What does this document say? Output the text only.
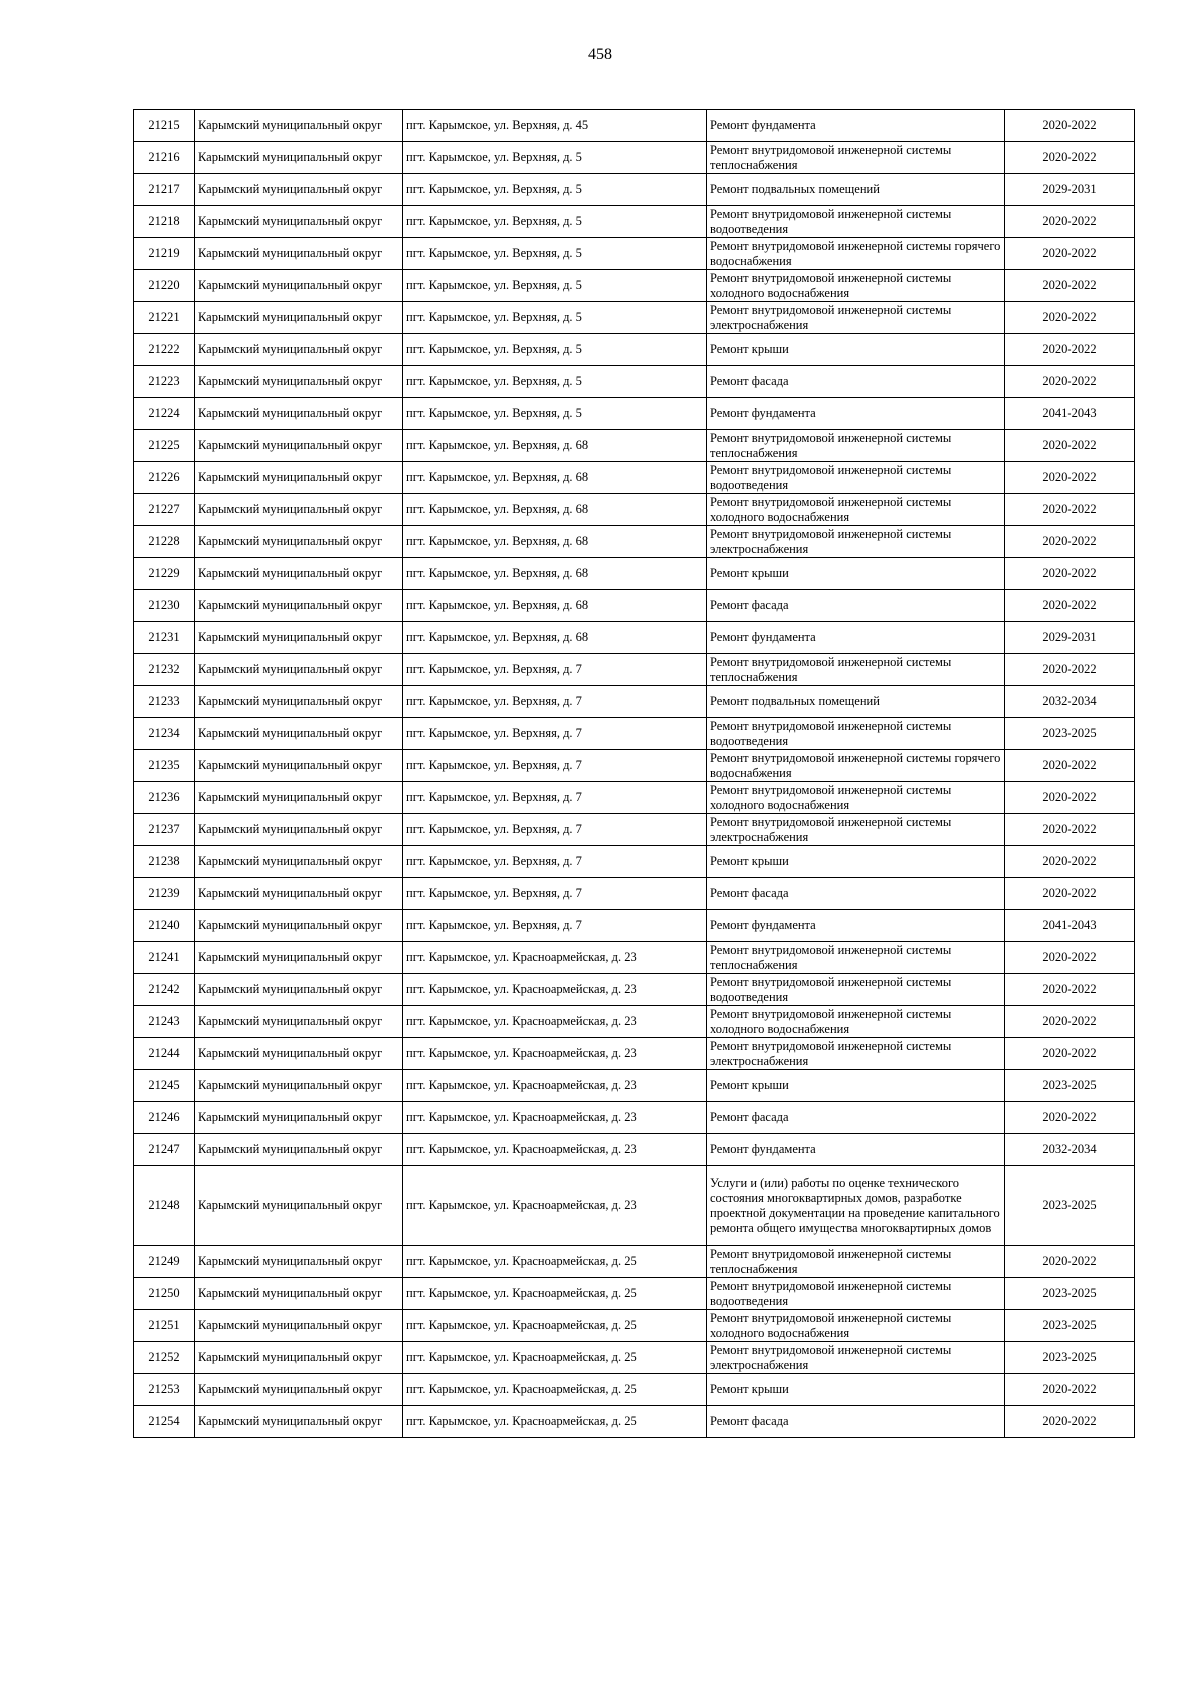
458
21215	Карымский муниципальный округ	пгт. Карымское, ул. Верхняя, д. 45	Ремонт фундамента	2020-2022
21216	Карымский муниципальный округ	пгт. Карымское, ул. Верхняя, д. 5	Ремонт внутридомовой инженерной системы теплоснабжения	2020-2022
21217	Карымский муниципальный округ	пгт. Карымское, ул. Верхняя, д. 5	Ремонт подвальных помещений	2029-2031
21218	Карымский муниципальный округ	пгт. Карымское, ул. Верхняя, д. 5	Ремонт внутридомовой инженерной системы водоотведения	2020-2022
21219	Карымский муниципальный округ	пгт. Карымское, ул. Верхняя, д. 5	Ремонт внутридомовой инженерной системы горячего водоснабжения	2020-2022
21220	Карымский муниципальный округ	пгт. Карымское, ул. Верхняя, д. 5	Ремонт внутридомовой инженерной системы холодного водоснабжения	2020-2022
21221	Карымский муниципальный округ	пгт. Карымское, ул. Верхняя, д. 5	Ремонт внутридомовой инженерной системы электроснабжения	2020-2022
21222	Карымский муниципальный округ	пгт. Карымское, ул. Верхняя, д. 5	Ремонт крыши	2020-2022
21223	Карымский муниципальный округ	пгт. Карымское, ул. Верхняя, д. 5	Ремонт фасада	2020-2022
21224	Карымский муниципальный округ	пгт. Карымское, ул. Верхняя, д. 5	Ремонт фундамента	2041-2043
21225	Карымский муниципальный округ	пгт. Карымское, ул. Верхняя, д. 68	Ремонт внутридомовой инженерной системы теплоснабжения	2020-2022
21226	Карымский муниципальный округ	пгт. Карымское, ул. Верхняя, д. 68	Ремонт внутридомовой инженерной системы водоотведения	2020-2022
21227	Карымский муниципальный округ	пгт. Карымское, ул. Верхняя, д. 68	Ремонт внутридомовой инженерной системы холодного водоснабжения	2020-2022
21228	Карымский муниципальный округ	пгт. Карымское, ул. Верхняя, д. 68	Ремонт внутридомовой инженерной системы электроснабжения	2020-2022
21229	Карымский муниципальный округ	пгт. Карымское, ул. Верхняя, д. 68	Ремонт крыши	2020-2022
21230	Карымский муниципальный округ	пгт. Карымское, ул. Верхняя, д. 68	Ремонт фасада	2020-2022
21231	Карымский муниципальный округ	пгт. Карымское, ул. Верхняя, д. 68	Ремонт фундамента	2029-2031
21232	Карымский муниципальный округ	пгт. Карымское, ул. Верхняя, д. 7	Ремонт внутридомовой инженерной системы теплоснабжения	2020-2022
21233	Карымский муниципальный округ	пгт. Карымское, ул. Верхняя, д. 7	Ремонт подвальных помещений	2032-2034
21234	Карымский муниципальный округ	пгт. Карымское, ул. Верхняя, д. 7	Ремонт внутридомовой инженерной системы водоотведения	2023-2025
21235	Карымский муниципальный округ	пгт. Карымское, ул. Верхняя, д. 7	Ремонт внутридомовой инженерной системы горячего водоснабжения	2020-2022
21236	Карымский муниципальный округ	пгт. Карымское, ул. Верхняя, д. 7	Ремонт внутридомовой инженерной системы холодного водоснабжения	2020-2022
21237	Карымский муниципальный округ	пгт. Карымское, ул. Верхняя, д. 7	Ремонт внутридомовой инженерной системы электроснабжения	2020-2022
21238	Карымский муниципальный округ	пгт. Карымское, ул. Верхняя, д. 7	Ремонт крыши	2020-2022
21239	Карымский муниципальный округ	пгт. Карымское, ул. Верхняя, д. 7	Ремонт фасада	2020-2022
21240	Карымский муниципальный округ	пгт. Карымское, ул. Верхняя, д. 7	Ремонт фундамента	2041-2043
21241	Карымский муниципальный округ	пгт. Карымское, ул. Красноармейская, д. 23	Ремонт внутридомовой инженерной системы теплоснабжения	2020-2022
21242	Карымский муниципальный округ	пгт. Карымское, ул. Красноармейская, д. 23	Ремонт внутридомовой инженерной системы водоотведения	2020-2022
21243	Карымский муниципальный округ	пгт. Карымское, ул. Красноармейская, д. 23	Ремонт внутридомовой инженерной системы холодного водоснабжения	2020-2022
21244	Карымский муниципальный округ	пгт. Карымское, ул. Красноармейская, д. 23	Ремонт внутридомовой инженерной системы электроснабжения	2020-2022
21245	Карымский муниципальный округ	пгт. Карымское, ул. Красноармейская, д. 23	Ремонт крыши	2023-2025
21246	Карымский муниципальный округ	пгт. Карымское, ул. Красноармейская, д. 23	Ремонт фасада	2020-2022
21247	Карымский муниципальный округ	пгт. Карымское, ул. Красноармейская, д. 23	Ремонт фундамента	2032-2034
21248	Карымский муниципальный округ	пгт. Карымское, ул. Красноармейская, д. 23	Услуги и (или) работы по оценке технического состояния многоквартирных домов, разработке проектной документации на проведение капитального ремонта общего имущества многоквартирных домов	2023-2025
21249	Карымский муниципальный округ	пгт. Карымское, ул. Красноармейская, д. 25	Ремонт внутридомовой инженерной системы теплоснабжения	2020-2022
21250	Карымский муниципальный округ	пгт. Карымское, ул. Красноармейская, д. 25	Ремонт внутридомовой инженерной системы водоотведения	2023-2025
21251	Карымский муниципальный округ	пгт. Карымское, ул. Красноармейская, д. 25	Ремонт внутридомовой инженерной системы холодного водоснабжения	2023-2025
21252	Карымский муниципальный округ	пгт. Карымское, ул. Красноармейская, д. 25	Ремонт внутридомовой инженерной системы электроснабжения	2023-2025
21253	Карымский муниципальный округ	пгт. Карымское, ул. Красноармейская, д. 25	Ремонт крыши	2020-2022
21254	Карымский муниципальный округ	пгт. Карымское, ул. Красноармейская, д. 25	Ремонт фасада	2020-2022
